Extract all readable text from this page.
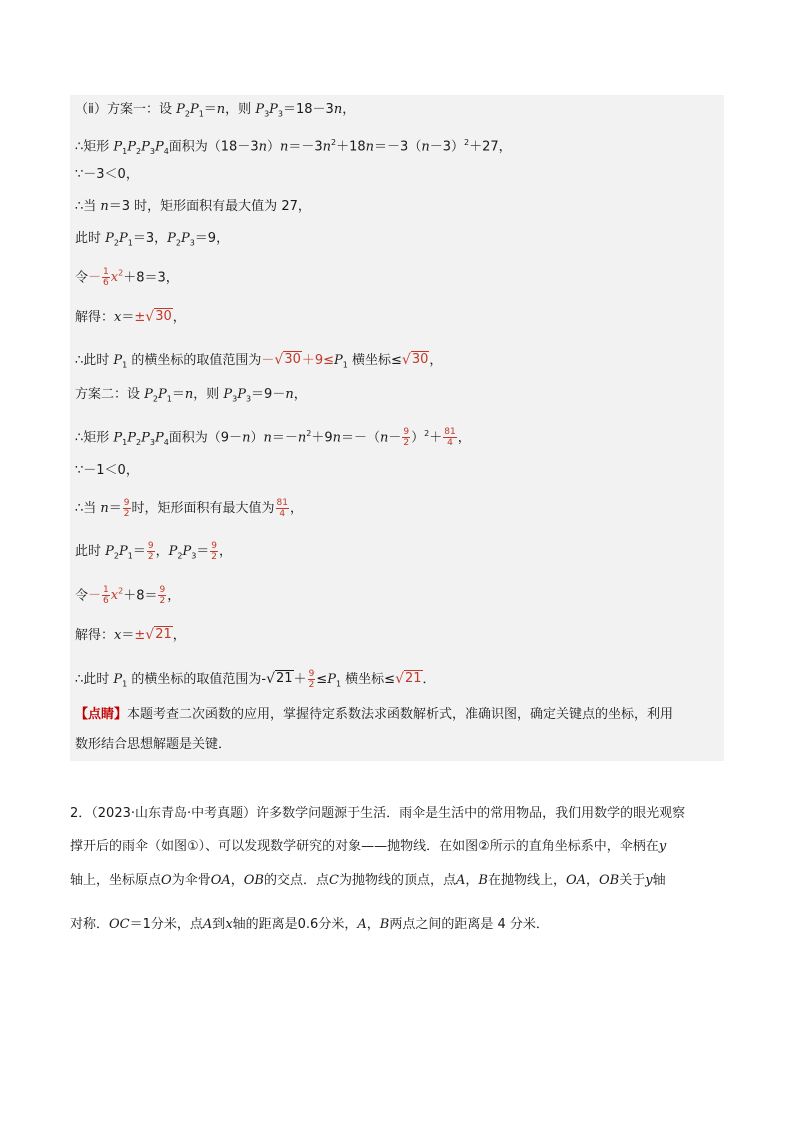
（ⅱ）方案一：设 $P_2P_1=n$，则 $P_3P_3=18-3n$，
∴矩形 $P_1P_2P_3P_4$面积为$(18-3n)n=-3n^2+18n=-3(n-3)^2+27$，
∵－3＜0，
∴当 n＝3 时，矩形面积有最大值为 27，
此时 $P_2P_1=3$，$P_2P_3=9$，
令－ $\frac{1}{6} x^2+8=3$，
解得：x＝± √ 30 ，
∴此时 $P_1$ 的横坐标的取值范围为－ √ $30 +9\le P_1$ 横坐标≤ √ 30 ，
方案二：设 $P_2P_1=n$，则 $P_3P_3=9-n$，
∴矩形 $P_1P_2P_3P_4$面积为$(9-n)n=-n^2+9n=-(n- \frac{9}{2} )^2+ \frac{81}{4}$ ，
∵－1＜0，
∴当 $n= \frac{9}{2}$ 时，矩形面积有最大值为 $\frac{81}{4}$ ，
此时 $P_2P_1= \frac{9}{2}$ ，$P_2P_3= \frac{9}{2}$ ，
令－ $\frac{1}{6} x^2+8= \frac{9}{2}$ ，
解得：x＝± √ 21 ，
∴此时 $P_1$ 的横坐标的取值范围为- √ $21 + \frac{9}{2} \le P_1$ 横坐标≤ √ 21 ．
【点睛】本题考查二次函数的应用，掌握待定系数法求函数解析式，准确识图，确定关键点的坐标，利用
数形结合思想解题是关键．
2．（2023·山东青岛·中考真题）许多数学问题源于生活．雨伞是生活中的常用物品，我们用数学的眼光观察
撑开后的雨伞（如图①）、可以发现数学研究的对象——抛物线．在如图②所示的直角坐标系中，伞柄在y
轴上，坐标原点O为伞骨OA，OB的交点．点C为抛物线的顶点，点A，B在抛物线上，OA，OB关于y轴
对称．OC＝1分米，点A到x轴的距离是0.6分米，A，B两点之间的距离是 4 分米．
